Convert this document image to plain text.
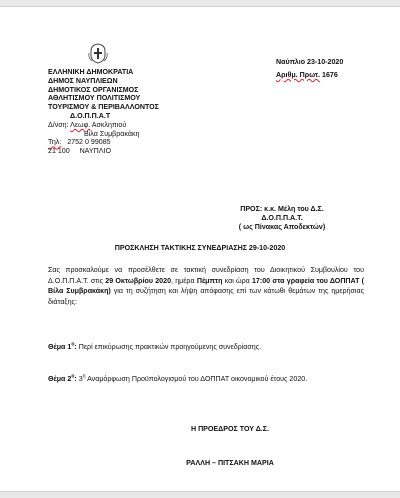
ΕΛΛΗΝΙΚΗ ΔΗΜΟΚΡΑΤΙΑ
ΔΗΜΟΣ ΝΑΥΠΛΙΕΩΝ
ΔΗΜΟΤΙΚΟΣ ΟΡΓΑΝΙΣΜΟΣ
ΑΘΛΗΤΙΣΜΟΥ ΠΟΛΙΤΙΣΜΟΥ
ΤΟΥΡΙΣΜΟΥ & ΠΕΡΙΒΑΛΛΟΝΤΟΣ
Δ.Ο.Π.Π.Α.Τ
Δ/νση: Λεωφ. Ασκληπιού
Βίλα Συμβρακάκη
Τηλ: 2752 0 99085
21 100 ΝΑΥΠΛΙΟ
Ναύπλιο 23-10-2020
Αριθμ. Πρωτ. 1676
ΠΡΟΣ: κ.κ. Μέλη του Δ.Σ.
Δ.Ο.Π.Π.Α.Τ.
( ως Πίνακας Αποδεκτών)
ΠΡΟΣΚΛΗΣΗ ΤΑΚΤΙΚΗΣ ΣΥΝΕΔΡΙΑΣΗΣ 29-10-2020
Σας προσκαλούμε να προσέλθετε σε τακτική συνεδρίαση του Διοικητικού Συμβουλίου του Δ.Ο.Π.Π.Α.Τ. στις 29 Οκτωβρίου 2020, ημέρα Πέμπτη και ώρα 17:00 στα γραφεία του ΔΟΠΠΑΤ ( Βίλα Συμβρακάκη) για τη συζήτηση και λήψη απόφασης επί των κάτωθι θεμάτων της ημερήσιας διάταξης:
Θέμα $1^o$: Περί επικύρωσης πρακτικών προηγούμενης συνεδρίασης.
Θέμα $2^o$: $3^\eta$ Αναμόρφωση Προϋπολογισμού του ΔΟΠΠΑΤ οικονομικού έτους 2020.
Η ΠΡΟΕΔΡΟΣ ΤΟΥ Δ.Σ.
ΡΑΛΛΗ – ΠΙΤΣΑΚΗ ΜΑΡΙΑ
